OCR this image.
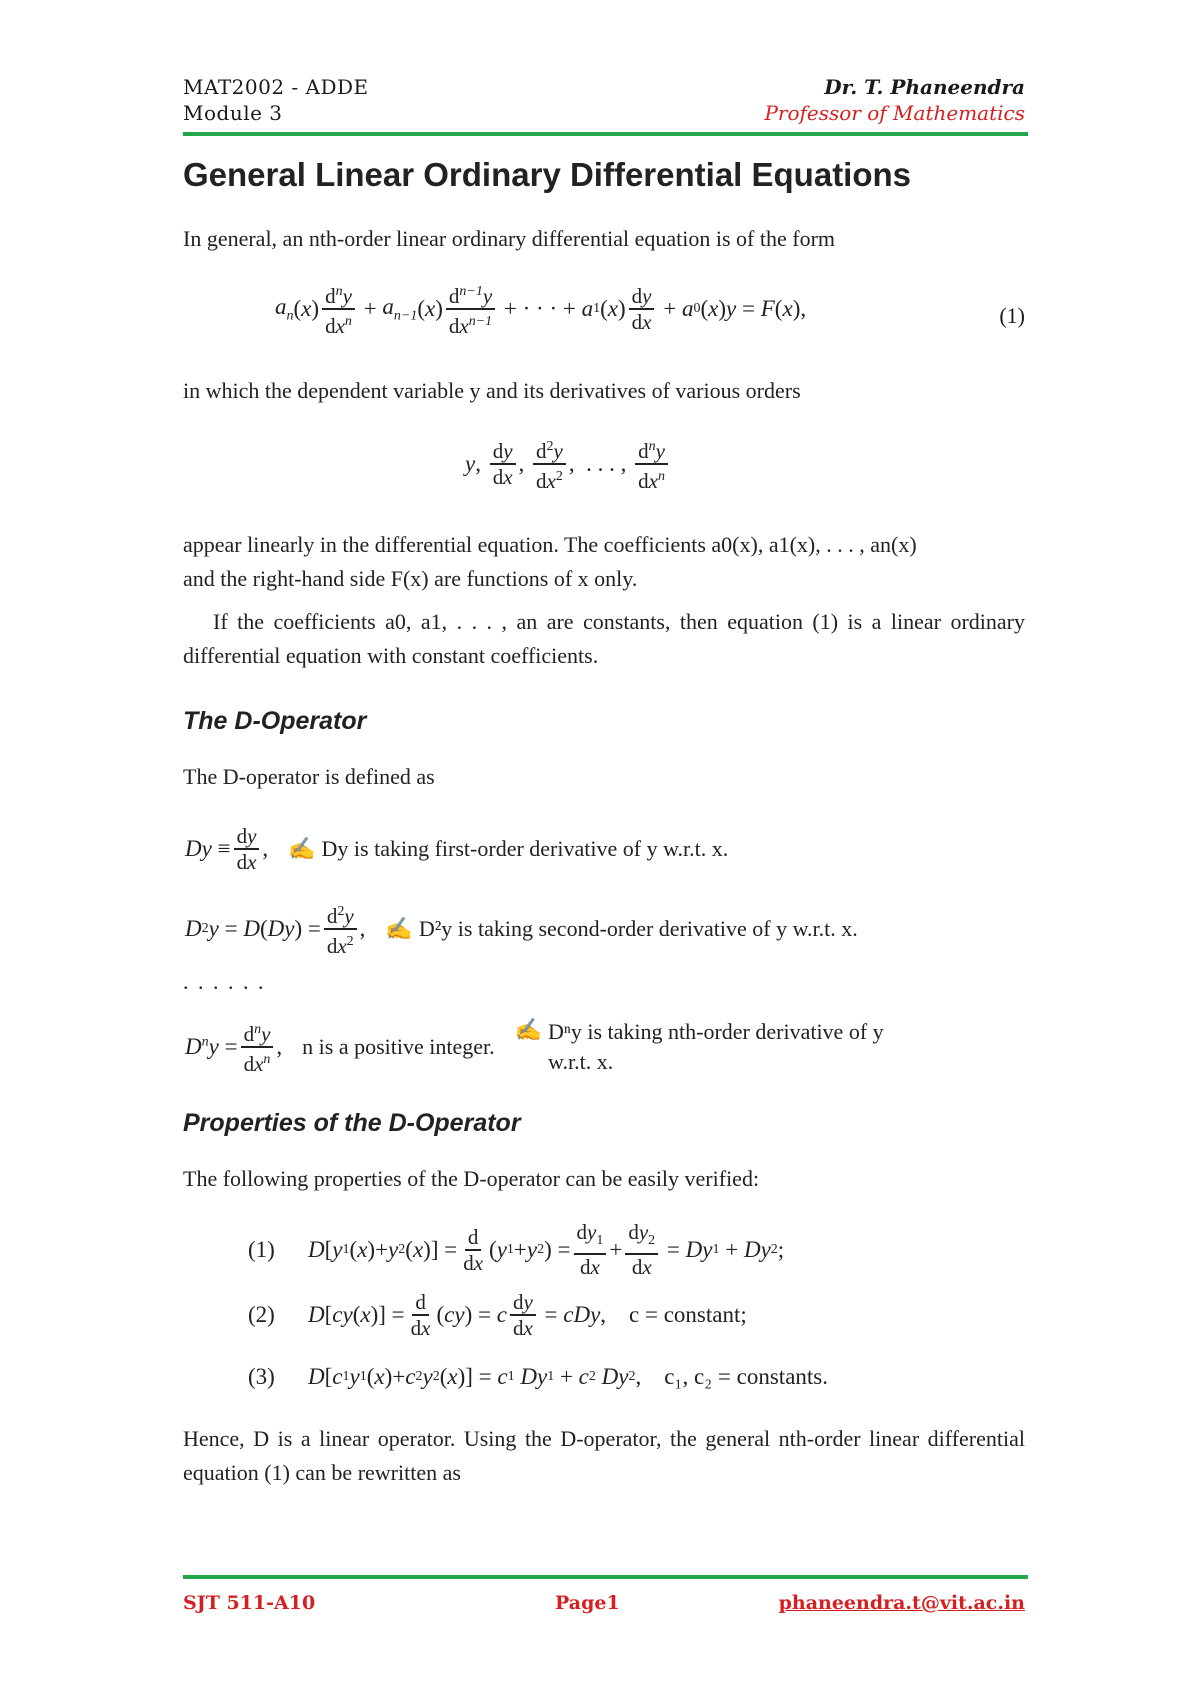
MAT2002 - ADDE
Module 3
Dr. T. Phaneendra
Professor of Mathematics
General Linear Ordinary Differential Equations
In general, an nth-order linear ordinary differential equation is of the form
$a_n$ ( x ) $\frac{d^ny}{dx^n} + a_{n-1}$ ( x ) $\frac{d^{n-1}y}{dx^{n-1}}$ + · · · + a 1 ( x ) $\frac{dy}{dx} + a$ 0 ( x ) y = F ( x ),	(1)
in which the dependent variable y and its derivatives of various orders
y , $\frac{dy}{dx}$ , $\frac{d^2y}{dx^2}$ ,  . . . , $\frac{d^ny}{dx^n}$
appear linearly in the differential equation. The coefficients a0(x), a1(x), . . . , an(x)
and the right-hand side F(x) are functions of x only.
If the coefficients a0, a1, . . . , an are constants, then equation (1) is a linear ordinary differential equation with constant coefficients.
The D-Operator
The D-operator is defined as
$Dy \equiv \frac{dy}{dx}$ , ✍ Dy is taking first-order derivative of y w.r.t. x.
D 2 y = D ( Dy ) = $\frac{d^2y}{dx^2}$ , ✍ D²y is taking second-order derivative of y w.r.t. x.
. . . . . .
$D^ny = \frac{d^ny}{dx^n}$ , n is a positive integer.
✍ Dⁿy is taking nth-order derivative of y
w.r.t. x.
Properties of the D-Operator
The following properties of the D-operator can be easily verified:
(1)	D [ y 1 ( x )+ y 2 ( x )] = $\frac{d}{dx}$ ( y 1 + y 2 ) = $\frac{dy_1}{dx} + \frac{dy_2}{dx} = Dy$ 1 + Dy 2 ;
(2)	D [ cy ( x )] = $\frac{d}{dx}$ ( cy ) = c $\frac{dy}{dx}$ = cDy , c = constant;
(3)	D [ c 1 y 1 ( x )+ c 2 y 2 ( x )] = c 1
Dy 1 + c 2
Dy 2 , c₁, c₂ = constants.
Hence, D is a linear operator. Using the D-operator, the general nth-order linear differential equation (1) can be rewritten as
SJT 511-A10	Page1	phaneendra.t@vit.ac.in
